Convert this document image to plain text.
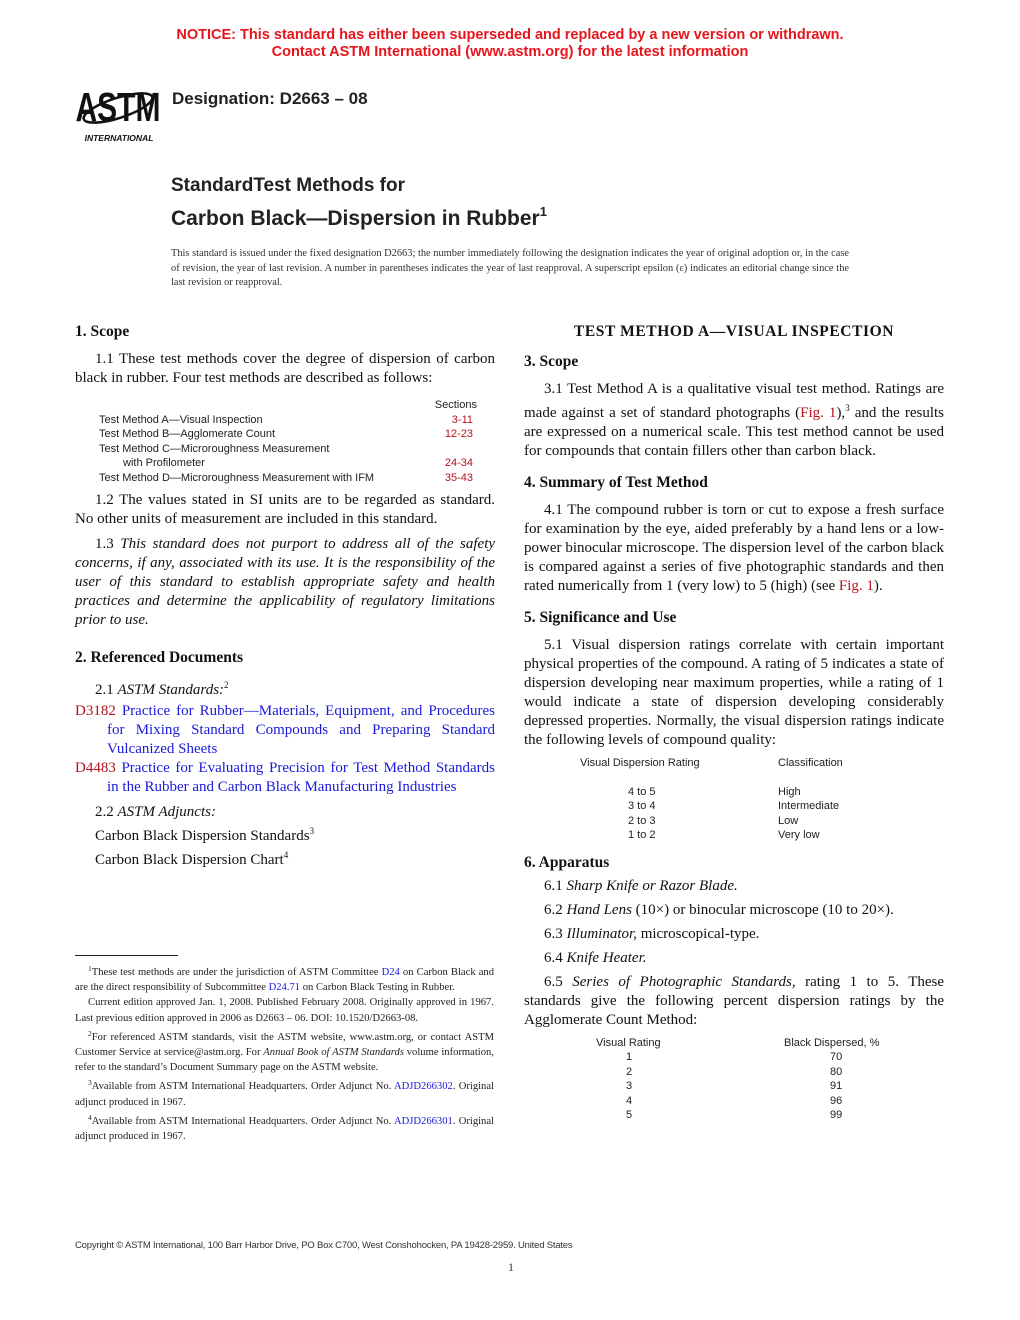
NOTICE: This standard has either been superseded and replaced by a new version or withdrawn.
Contact ASTM International (www.astm.org) for the latest information
ASTM
INTERNATIONAL
Designation: D2663 – 08
StandardTest Methods for
Carbon Black—Dispersion in Rubber$^1$
This standard is issued under the fixed designation D2663; the number immediately following the designation indicates the year of original adoption or, in the case of revision, the year of last revision. A number in parentheses indicates the year of last reapproval. A superscript epsilon (ε) indicates an editorial change since the last revision or reapproval.
1. Scope
1.1 These test methods cover the degree of dispersion of carbon black in rubber. Four test methods are described as follows:
Sections
Test Method A—Visual Inspection	3-11
Test Method B—Agglomerate Count	12-23
Test Method C—Microroughness Measurement
with Profilometer	24-34
Test Method D—Microroughness Measurement with IFM	35-43
1.2 The values stated in SI units are to be regarded as standard. No other units of measurement are included in this standard.
1.3 This standard does not purport to address all of the safety concerns, if any, associated with its use. It is the responsibility of the user of this standard to establish appropriate safety and health practices and determine the applicability of regulatory limitations prior to use.
2. Referenced Documents
2.1 ASTM Standards:$^2$

D3182 Practice for Rubber—Materials, Equipment, and Procedures for Mixing Standard Compounds and Preparing Standard Vulcanized Sheets

D4483 Practice for Evaluating Precision for Test Method Standards in the Rubber and Carbon Black Manufacturing Industries

2.2 ASTM Adjuncts:
Carbon Black Dispersion Standards$^3$
Carbon Black Dispersion Chart$^4$

$^1$These test methods are under the jurisdiction of ASTM Committee D24 on Carbon Black and are the direct responsibility of Subcommittee D24.71 on Carbon Black Testing in Rubber.

Current edition approved Jan. 1, 2008. Published February 2008. Originally approved in 1967. Last previous edition approved in 2006 as D2663 – 06. DOI: 10.1520/D2663-08.

$^2$For referenced ASTM standards, visit the ASTM website, www.astm.org, or contact ASTM Customer Service at service@astm.org. For Annual Book of ASTM Standards volume information, refer to the standard’s Document Summary page on the ASTM website.

$^3$Available from ASTM International Headquarters. Order Adjunct No. ADJD266302. Original adjunct produced in 1967.

$^4$Available from ASTM International Headquarters. Order Adjunct No. ADJD266301. Original adjunct produced in 1967.

TEST METHOD A—VISUAL INSPECTION
3. Scope
3.1 Test Method A is a qualitative visual test method. Ratings are made against a set of standard photographs (Fig. 1),$^3$ and the results are expressed on a numerical scale. This test method cannot be used for compounds that contain fillers other than carbon black.
4. Summary of Test Method
4.1 The compound rubber is torn or cut to expose a fresh surface for examination by the eye, aided preferably by a hand lens or a low-power binocular microscope. The dispersion level of the carbon black is compared against a series of five photographic standards and then rated numerically from 1 (very low) to 5 (high) (see Fig. 1).
5. Significance and Use
5.1 Visual dispersion ratings correlate with certain important physical properties of the compound. A rating of 5 indicates a state of dispersion developing near maximum properties, while a rating of 1 would indicate a state of dispersion developing considerably depressed properties. Normally, the visual dispersion ratings indicate the following levels of compound quality:
Visual Dispersion Rating	Classification
4 to 5	High
3 to 4	Intermediate
2 to 3	Low
1 to 2	Very low
6. Apparatus
6.1 Sharp Knife or Razor Blade.
6.2 Hand Lens (10×) or binocular microscope (10 to 20×).
6.3 Illuminator, microscopical-type.
6.4 Knife Heater.
6.5 Series of Photographic Standards, rating 1 to 5. These standards give the following percent dispersion ratings by the Agglomerate Count Method:
Visual Rating	Black Dispersed, %
1	70
2	80
3	91
4	96
5	99
Copyright © ASTM International, 100 Barr Harbor Drive, PO Box C700, West Conshohocken, PA 19428-2959. United States
1
